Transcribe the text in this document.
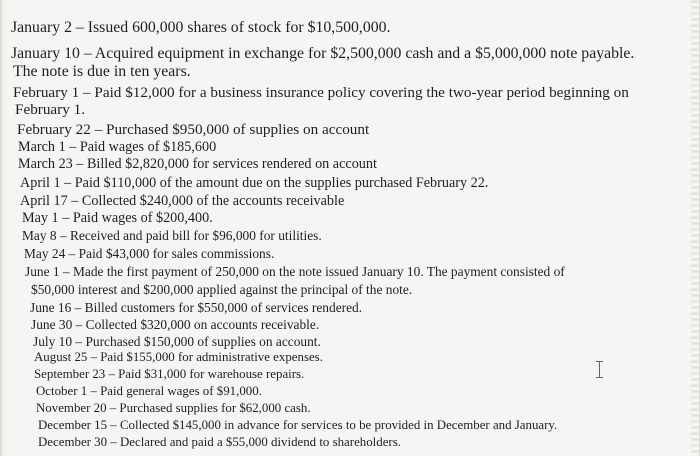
January 2 – Issued 600,000 shares of stock for $10,500,000.
January 10 – Acquired equipment in exchange for $2,500,000 cash and a $5,000,000 note payable.
The note is due in ten years.
February 1 – Paid $12,000 for a business insurance policy covering the two-year period beginning on
February 1.
February 22 – Purchased $950,000 of supplies on account
March 1 – Paid wages of $185,600
March 23 – Billed $2,820,000 for services rendered on account
April 1 – Paid $110,000 of the amount due on the supplies purchased February 22.
April 17 – Collected $240,000 of the accounts receivable
May 1 – Paid wages of $200,400.
May 8 – Received and paid bill for $96,000 for utilities.
May 24 – Paid $43,000 for sales commissions.
June 1 – Made the first payment of 250,000 on the note issued January 10. The payment consisted of
$50,000 interest and $200,000 applied against the principal of the note.
June 16 – Billed customers for $550,000 of services rendered.
June 30 – Collected $320,000 on accounts receivable.
July 10 – Purchased $150,000 of supplies on account.
August 25 – Paid $155,000 for administrative expenses.
September 23 – Paid $31,000 for warehouse repairs.
October 1 – Paid general wages of $91,000.
November 20 – Purchased supplies for $62,000 cash.
December 15 – Collected $145,000 in advance for services to be provided in December and January.
December 30 – Declared and paid a $55,000 dividend to shareholders.
